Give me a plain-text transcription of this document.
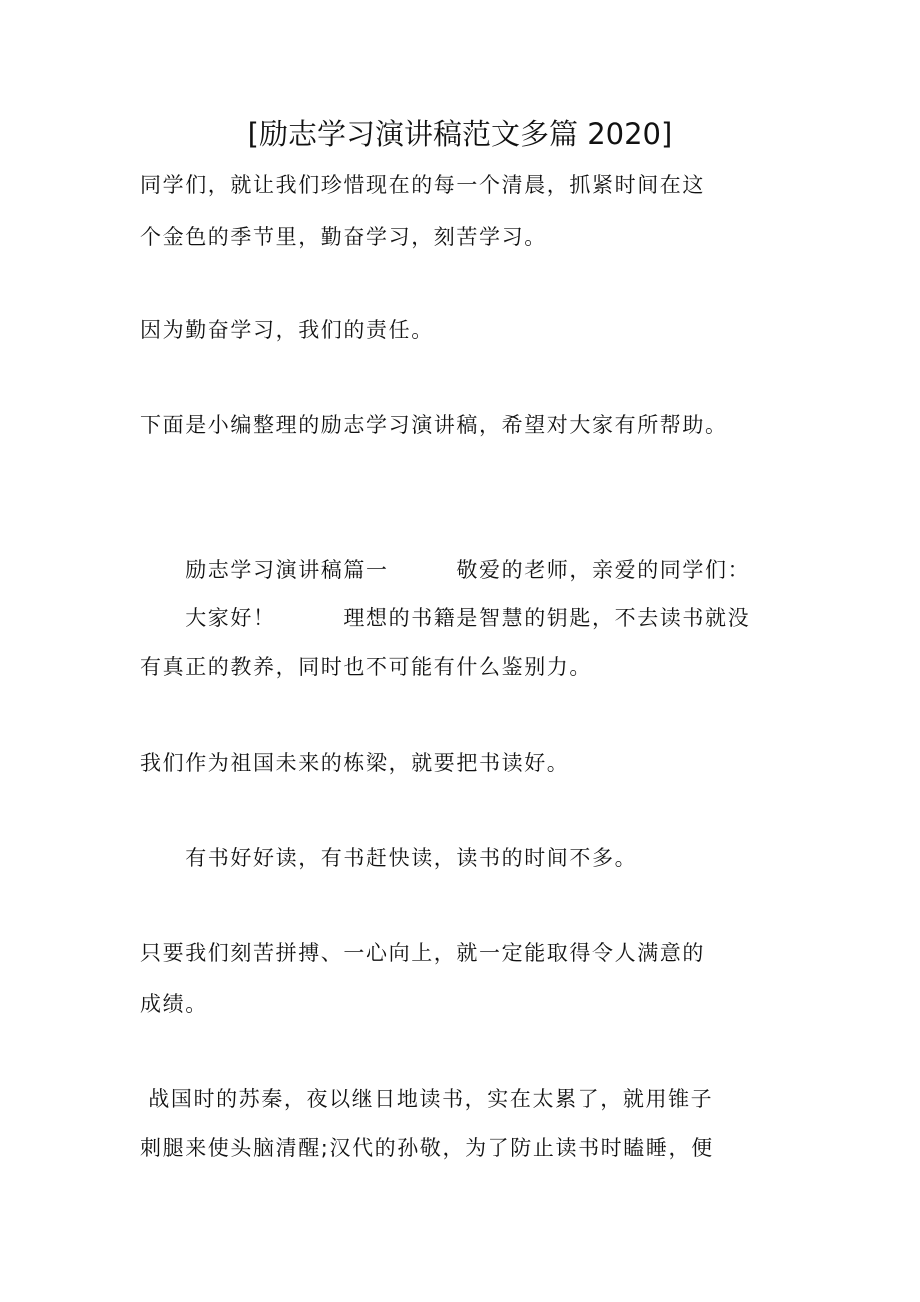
[励志学习演讲稿范文多篇 2020]
同学们，就让我们珍惜现在的每一个清晨，抓紧时间在这
个金色的季节里，勤奋学习，刻苦学习。
因为勤奋学习，我们的责任。
下面是小编整理的励志学习演讲稿，希望对大家有所帮助。
　　励志学习演讲稿篇一　　　敬爱的老师，亲爱的同学们：
　　大家好！　　　理想的书籍是智慧的钥匙，不去读书就没
有真正的教养，同时也不可能有什么鉴别力。
我们作为祖国未来的栋梁，就要把书读好。
　　有书好好读，有书赶快读，读书的时间不多。
只要我们刻苦拼搏、一心向上，就一定能取得令人满意的
成绩。
战国时的苏秦，夜以继日地读书，实在太累了，就用锥子
刺腿来使头脑清醒;汉代的孙敬，为了防止读书时瞌睡，便
